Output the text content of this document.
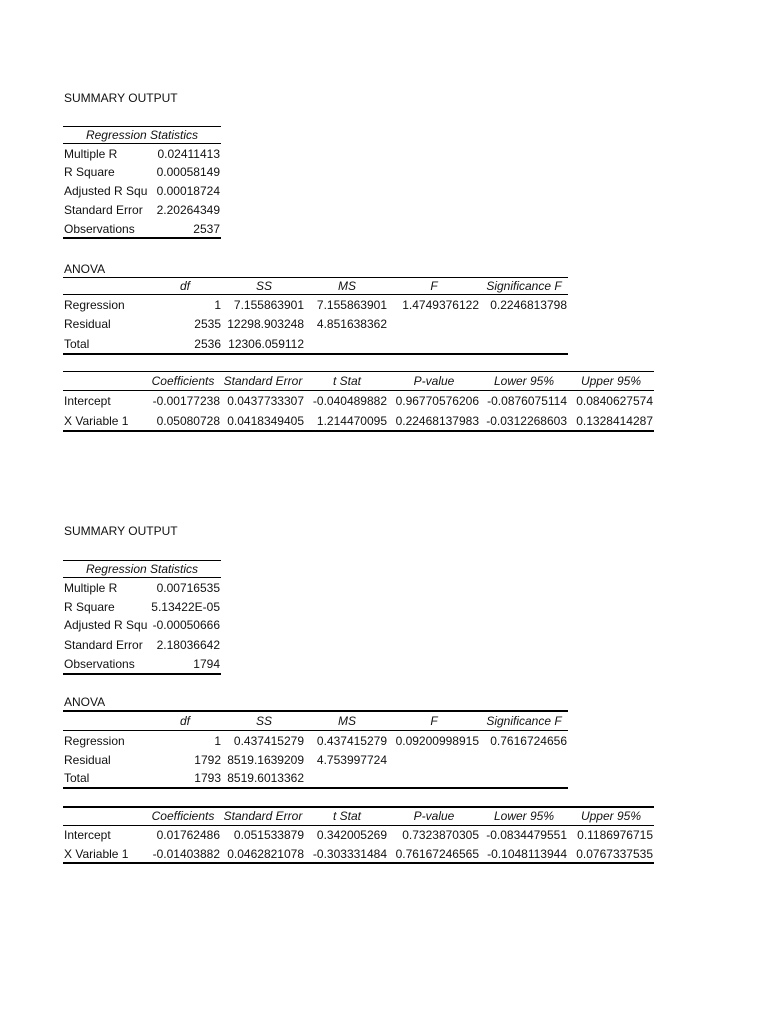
SUMMARY OUTPUT
Regression Statistics
Multiple R	0.02411413
R Square	0.00058149
Adjusted R Squ 0.00018724
Standard Error	2.20264349
Observations	2537
ANOVA
df	SS	MS	F	Significance F
Regression	1	7.155863901	7.155863901	1.4749376122 0.2246813798
Residual	2535 12298.903248	4.851638362
Total	2536 12306.059112
Coefficients Standard Error	t Stat	P-value	Lower 95%	Upper 95%
Intercept	-0.00177238 0.0437733307 -0.040489882 0.96770576206 -0.0876075114 0.0840627574
X Variable 1	0.05080728 0.0418349405	1.214470095 0.22468137983 -0.0312268603 0.1328414287
SUMMARY OUTPUT
Regression Statistics
Multiple R	0.00716535
R Square	5.13422E-05
Adjusted R Squ -0.00050666
Standard Error	2.18036642
Observations	1794
ANOVA
df	SS	MS	F	Significance F
Regression	1	0.437415279	0.437415279 0.09200998915 0.7616724656
Residual	1792 8519.1639209	4.753997724
Total	1793 8519.6013362
Coefficients Standard Error	t Stat	P-value	Lower 95%	Upper 95%
Intercept	0.01762486	0.051533879	0.342005269	0.7323870305 -0.0834479551 0.1186976715
X Variable 1	-0.01403882 0.0462821078 -0.303331484 0.76167246565 -0.1048113944 0.0767337535
